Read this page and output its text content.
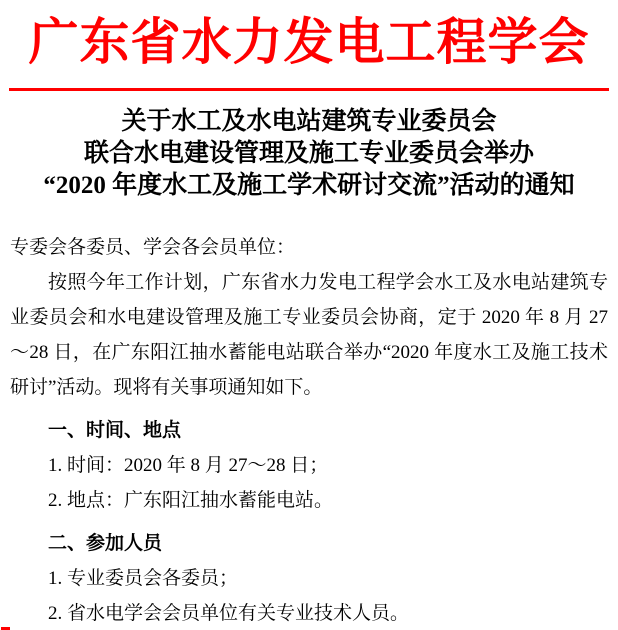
广东省水力发电工程学会
关于水工及水电站建筑专业委员会
联合水电建设管理及施工专业委员会举办
“2020 年度水工及施工学术研讨交流”活动的通知

专委会各委员、学会各会员单位：

按照今年工作计划，广东省水力发电工程学会水工及水电站建筑专业委员会和水电建设管理及施工专业委员会协商，定于 2020 年 8 月 27～28 日，在广东阳江抽水蓄能电站联合举办“2020 年度水工及施工技术研讨”活动。现将有关事项通知如下。

一、时间、地点

1. 时间：2020 年 8 月 27～28 日；

2. 地点：广东阳江抽水蓄能电站。

二、参加人员

1. 专业委员会各委员；

2. 省水电学会会员单位有关专业技术人员。
